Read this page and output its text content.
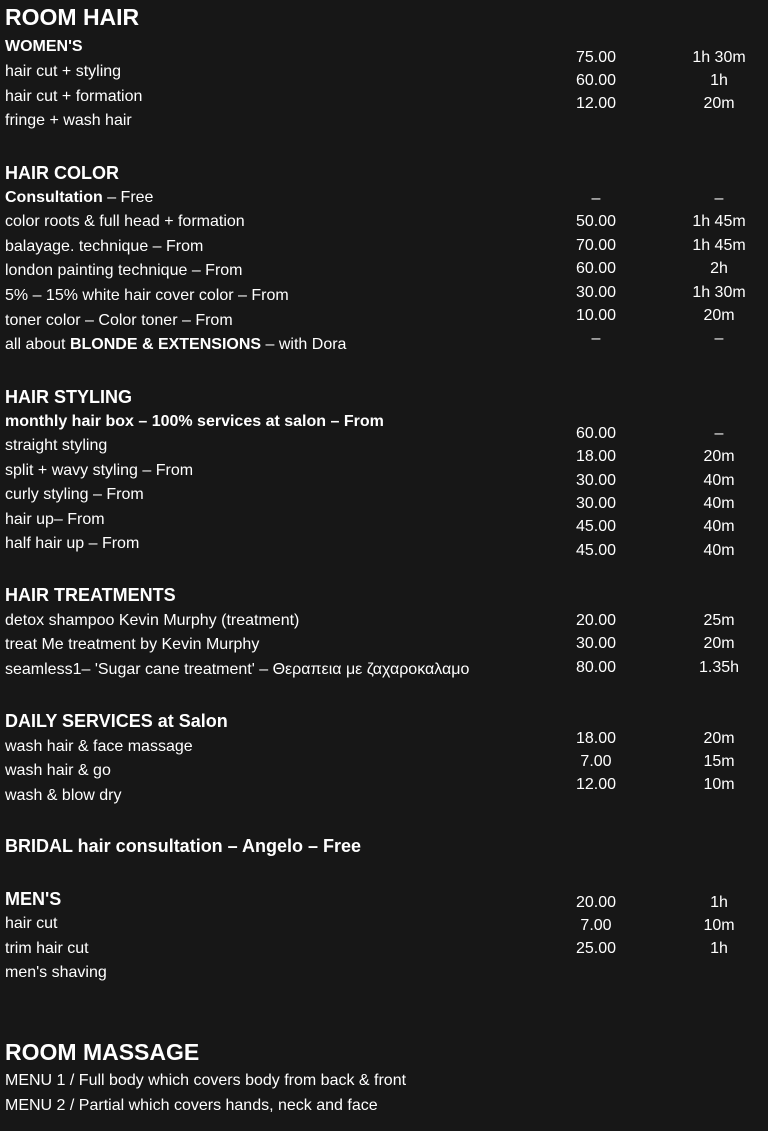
ROOM HAIR
WOMEN'S
hair cut + styling
hair cut + formation
fringe + wash hair
75.00
60.00
12.00
1h 30m
1h
20m
HAIR COLOR
Consultation – Free
color roots & full head + formation
balayage. technique – From
london painting technique – From
5% – 15% white hair cover color – From
toner color – Color toner – From
all about BLONDE & EXTENSIONS – with Dora
–
50.00
70.00
60.00
30.00
10.00
–
–
1h 45m
1h 45m
2h
1h 30m
20m
–
HAIR STYLING
monthly hair box – 100% services at salon – From
straight styling
split + wavy styling – From
curly styling – From
hair up– From
half hair up – From
60.00
18.00
30.00
30.00
45.00
45.00
–
20m
40m
40m
40m
40m
HAIR TREATMENTS
detox shampoo Kevin Murphy (treatment)
treat Me treatment by Kevin Murphy
seamless1– 'Sugar cane treatment' – Θεραπεια με ζαχαροκαλαμο
20.00
30.00
80.00
25m
20m
1.35h
DAILY SERVICES at Salon
wash hair & face massage
wash hair & go
wash & blow dry
18.00
7.00
12.00
20m
15m
10m
BRIDAL hair consultation – Angelo – Free
MEN'S
hair cut
trim hair cut
men's shaving
20.00
7.00
25.00
1h
10m
1h
ROOM MASSAGE
MENU 1 / Full body which covers body from back & front
MENU 2 / Partial which covers hands, neck and face
